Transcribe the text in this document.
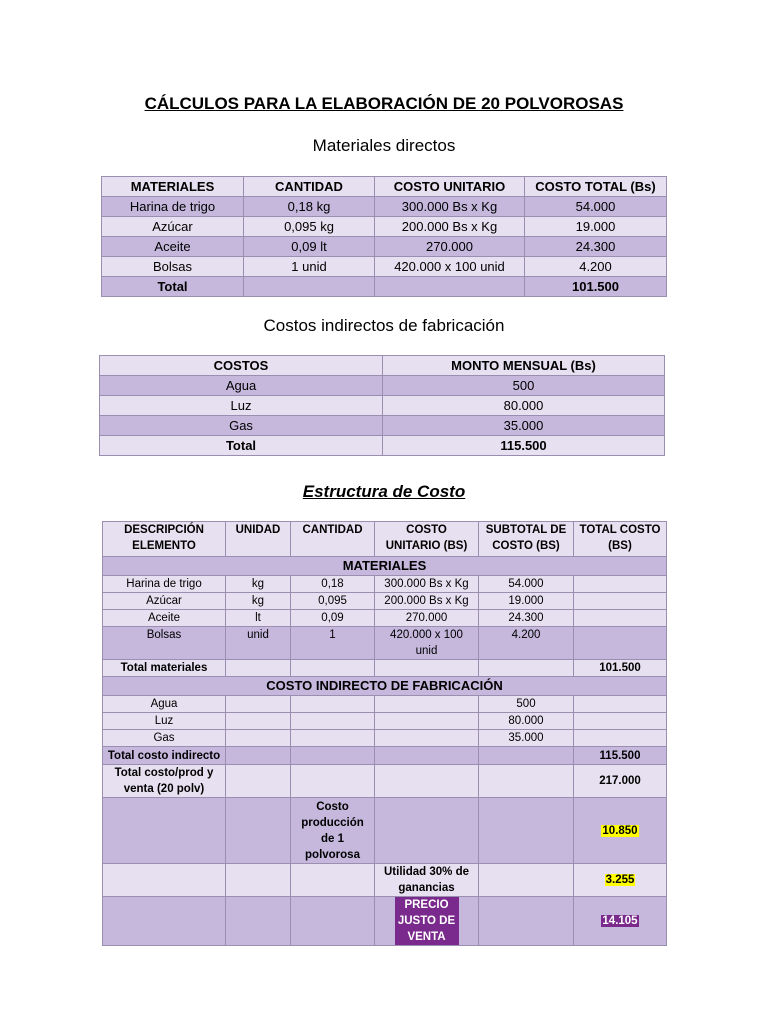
CÁLCULOS PARA LA ELABORACIÓN DE 20 POLVOROSAS
Materiales directos
MATERIALES	CANTIDAD	COSTO UNITARIO	COSTO TOTAL (Bs)
Harina de trigo	0,18 kg	300.000 Bs x Kg	54.000
Azúcar	0,095 kg	200.000 Bs x Kg	19.000
Aceite	0,09 lt	270.000	24.300
Bolsas	1 unid	420.000 x 100 unid	4.200
Total			101.500
Costos indirectos de fabricación
COSTOS	MONTO MENSUAL (Bs)
Agua	500
Luz	80.000
Gas	35.000
Total	115.500
Estructura de Costo
DESCRIPCIÓN ELEMENTO	UNIDAD	CANTIDAD	COSTO UNITARIO (BS)	SUBTOTAL DE COSTO (BS)	TOTAL COSTO (BS)
MATERIALES					
Harina de trigo	kg	0,18	300.000 Bs x Kg	54.000	
Azúcar	kg	0,095	200.000 Bs x Kg	19.000	
Aceite	lt	0,09	270.000	24.300	
Bolsas	unid	1	420.000 x 100 unid	4.200	
Total materiales					101.500
COSTO INDIRECTO DE FABRICACIÓN					
Agua				500	
Luz				80.000	
Gas				35.000	
Total costo indirecto					115.500
Total costo/prod y venta (20 polv)					217.000
		Costo producción de 1 polvorosa			10.850
			Utilidad 30% de ganancias		3.255
			PRECIO JUSTO DE VENTA		14.105
